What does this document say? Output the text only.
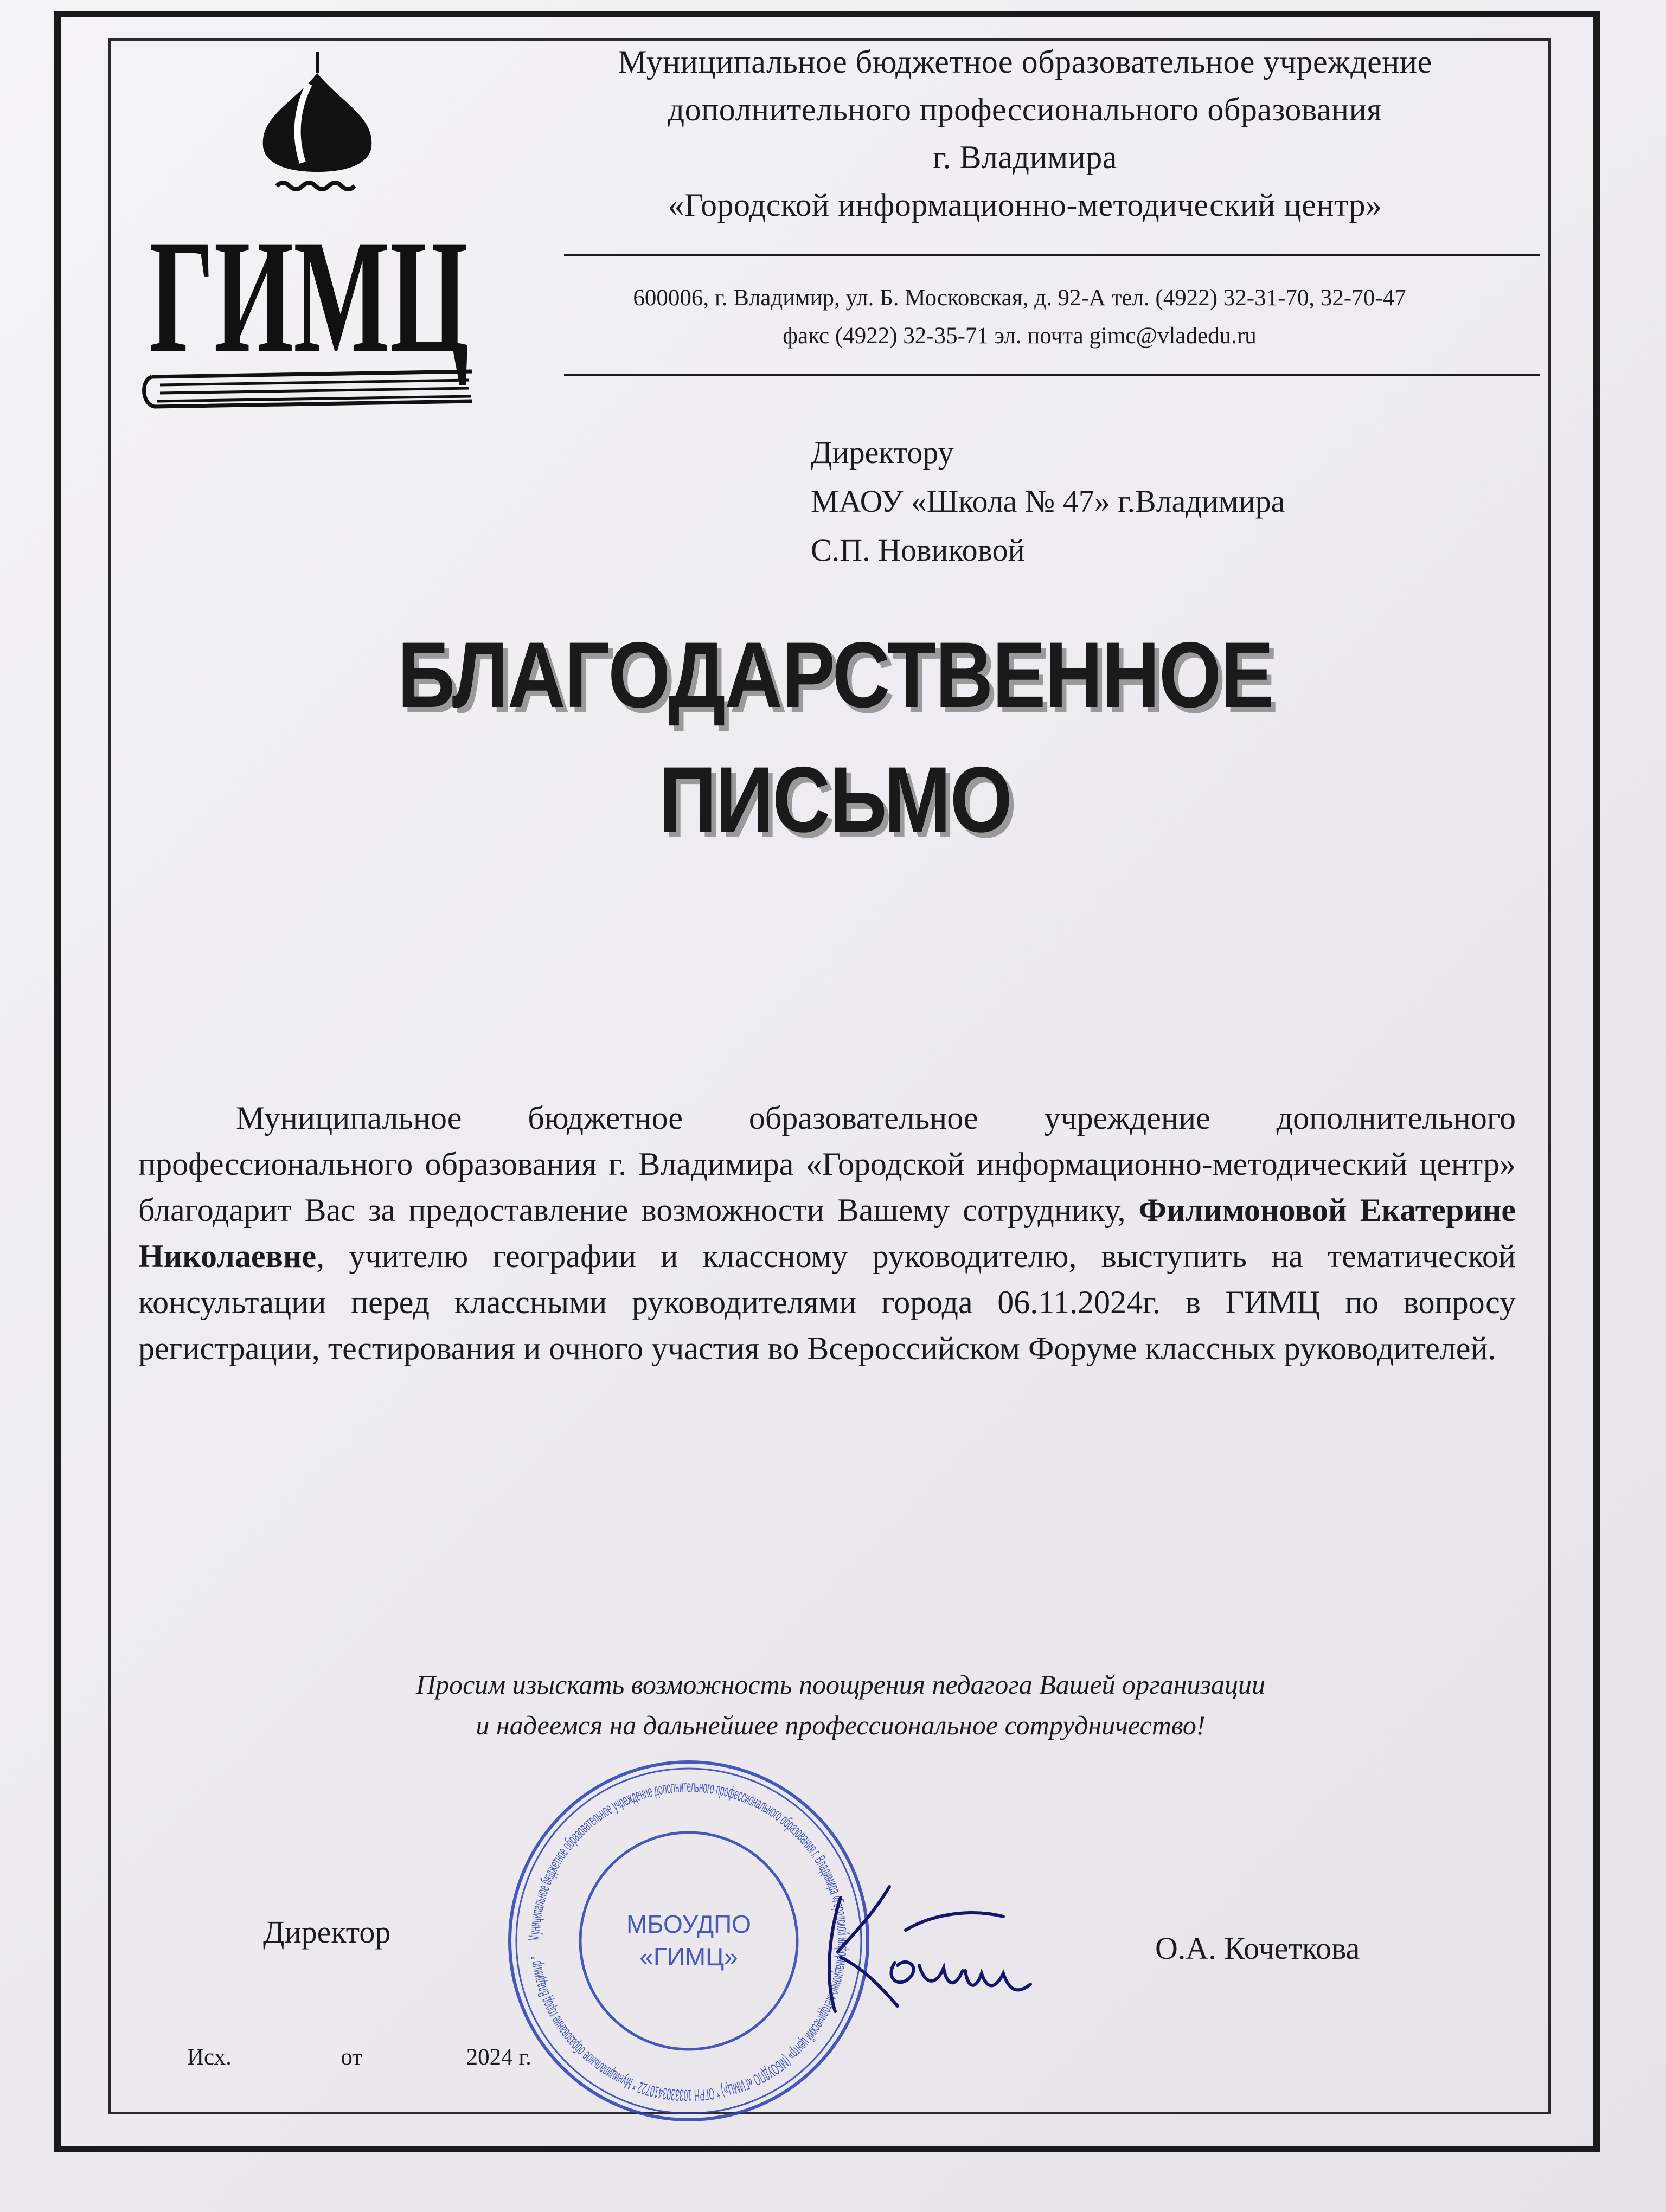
ГИМЦ
Муниципальное бюджетное образовательное учреждение
дополнительного профессионального образования
г. Владимира
«Городской информационно-методический центр»
600006, г. Владимир, ул. Б. Московская, д. 92-А тел. (4922) 32-31-70, 32-70-47
факс (4922) 32-35-71 эл. почта gimc@vladedu.ru
Директору
МАОУ «Школа № 47» г.Владимира
С.П. Новиковой
БЛАГОДАРСТВЕННОЕ
ПИСЬМО
Муниципальное бюджетное образовательное учреждение дополнительного профессионального образования г. Владимира «Городской информационно-методический центр» благодарит Вас за предоставление возможности Вашему сотруднику, Филимоновой Екатерине Николаевне, учителю географии и классному руководителю, выступить на тематической консультации перед классными руководителями города 06.11.2024г. в ГИМЦ по вопросу регистрации, тестирования и очного участия во Всероссийском Форуме классных руководителей.
Просим изыскать возможность поощрения педагога Вашей организации
и надеемся на дальнейшее профессиональное сотрудничество!
Директор	Муниципальное бюджетное образовательное учреждение дополнительного профессионального образования г. Владимира «Городской информационно-методический центр» (МБОУДПО «ГИМЦ») * ОГРН 1033303410722 * Муниципальное образование город Владимир *
МБОУДПО
«ГИМЦ»	О.А. Кочеткова
Исх.	от	2024 г.
